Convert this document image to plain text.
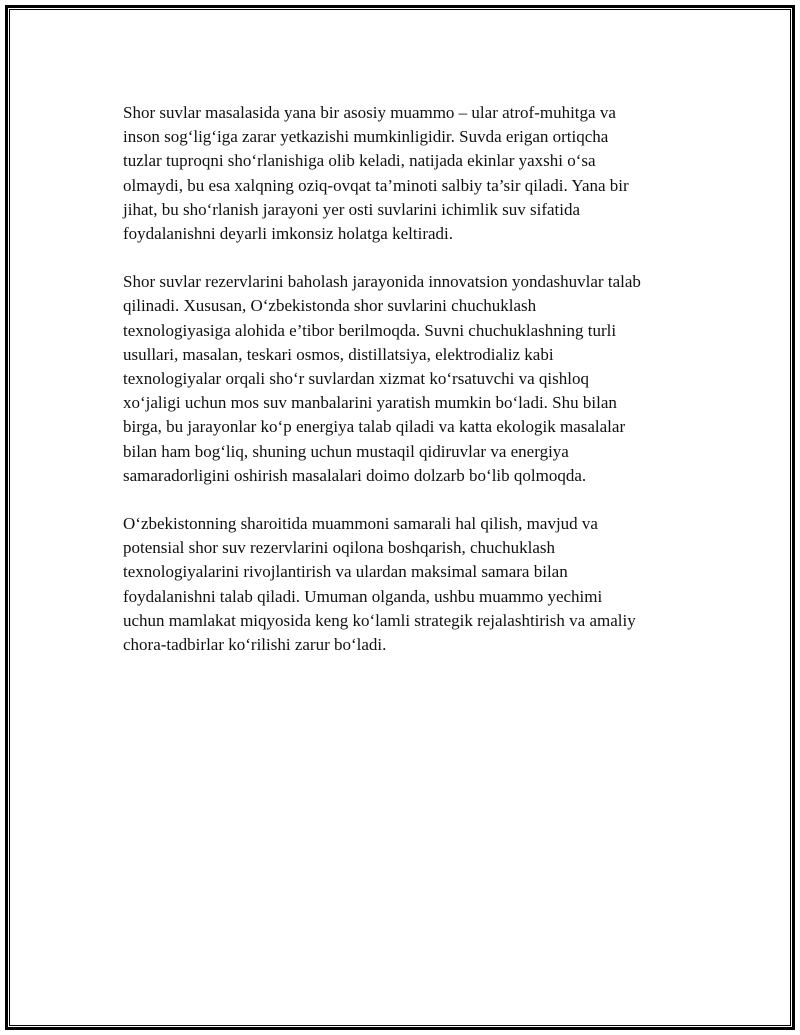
Shor suvlar masalasida yana bir asosiy muammo – ular atrof-muhitga va
inson sog‘lig‘iga zarar yetkazishi mumkinligidir. Suvda erigan ortiqcha
tuzlar tuproqni sho‘rlanishiga olib keladi, natijada ekinlar yaxshi o‘sa
olmaydi, bu esa xalqning oziq-ovqat ta’minoti salbiy ta’sir qiladi. Yana bir
jihat, bu sho‘rlanish jarayoni yer osti suvlarini ichimlik suv sifatida
foydalanishni deyarli imkonsiz holatga keltiradi.

Shor suvlar rezervlarini baholash jarayonida innovatsion yondashuvlar talab
qilinadi. Xususan, O‘zbekistonda shor suvlarini chuchuklash
texnologiyasiga alohida e’tibor berilmoqda. Suvni chuchuklashning turli
usullari, masalan, teskari osmos, distillatsiya, elektrodializ kabi
texnologiyalar orqali sho‘r suvlardan xizmat ko‘rsatuvchi va qishloq
xo‘jaligi uchun mos suv manbalarini yaratish mumkin bo‘ladi. Shu bilan
birga, bu jarayonlar ko‘p energiya talab qiladi va katta ekologik masalalar
bilan ham bog‘liq, shuning uchun mustaqil qidiruvlar va energiya
samaradorligini oshirish masalalari doimo dolzarb bo‘lib qolmoqda.

O‘zbekistonning sharoitida muammoni samarali hal qilish, mavjud va
potensial shor suv rezervlarini oqilona boshqarish, chuchuklash
texnologiyalarini rivojlantirish va ulardan maksimal samara bilan
foydalanishni talab qiladi. Umuman olganda, ushbu muammo yechimi
uchun mamlakat miqyosida keng ko‘lamli strategik rejalashtirish va amaliy
chora-tadbirlar ko‘rilishi zarur bo‘ladi.
